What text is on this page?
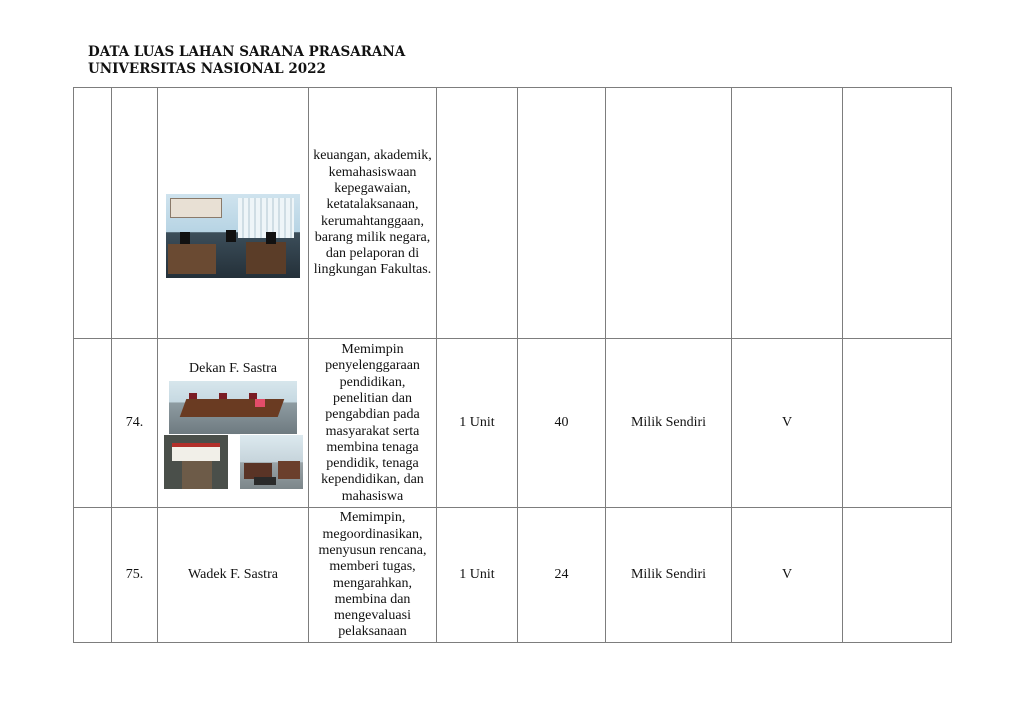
DATA LUAS LAHAN SARANA PRASARANA
UNIVERSITAS NASIONAL 2022

			keuangan, akademik, kemahasiswaan kepegawaian, ketatalaksanaan, kerumahtanggaan, barang milik negara, dan pelaporan di lingkungan Fakultas.					

	74.	Dekan F. Sastra	Memimpin penyelenggaraan pendidikan, penelitian dan pengabdian pada masyarakat serta membina tenaga pendidik, tenaga kependidikan, dan mahasiswa	1 Unit	40	Milik Sendiri	V	
	75.	Wadek F. Sastra	Memimpin, megoordinasikan, menyusun rencana, memberi tugas, mengarahkan, membina dan mengevaluasi pelaksanaan	1 Unit	24	Milik Sendiri	V	
